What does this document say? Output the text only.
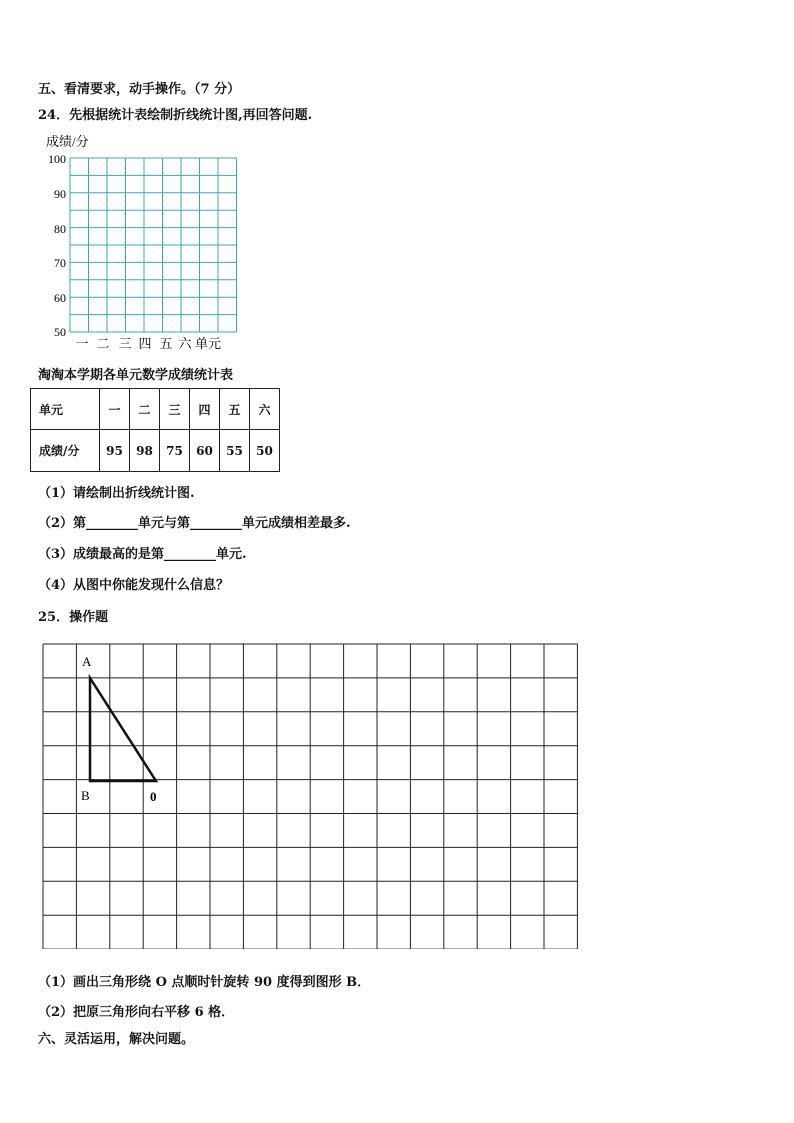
五、看清要求，动手操作。（7 分）
24．先根据统计表绘制折线统计图,再回答问题.
成绩/分
100
90
80
70
60
50
一 二 三 四 五 六 单元
淘淘本学期各单元数学成绩统计表
单元	一	二	三	四	五	六
成绩/分	95	98	75	60	55	50
（1）请绘制出折线统计图.
（2）第________单元与第________单元成绩相差最多.
（3）成绩最高的是第________单元.
（4）从图中你能发现什么信息？
25．操作题
A
B	0
（1）画出三角形绕 O 点顺时针旋转 90 度得到图形 B．
（2）把原三角形向右平移 6 格．
六、灵活运用，解决问题。
